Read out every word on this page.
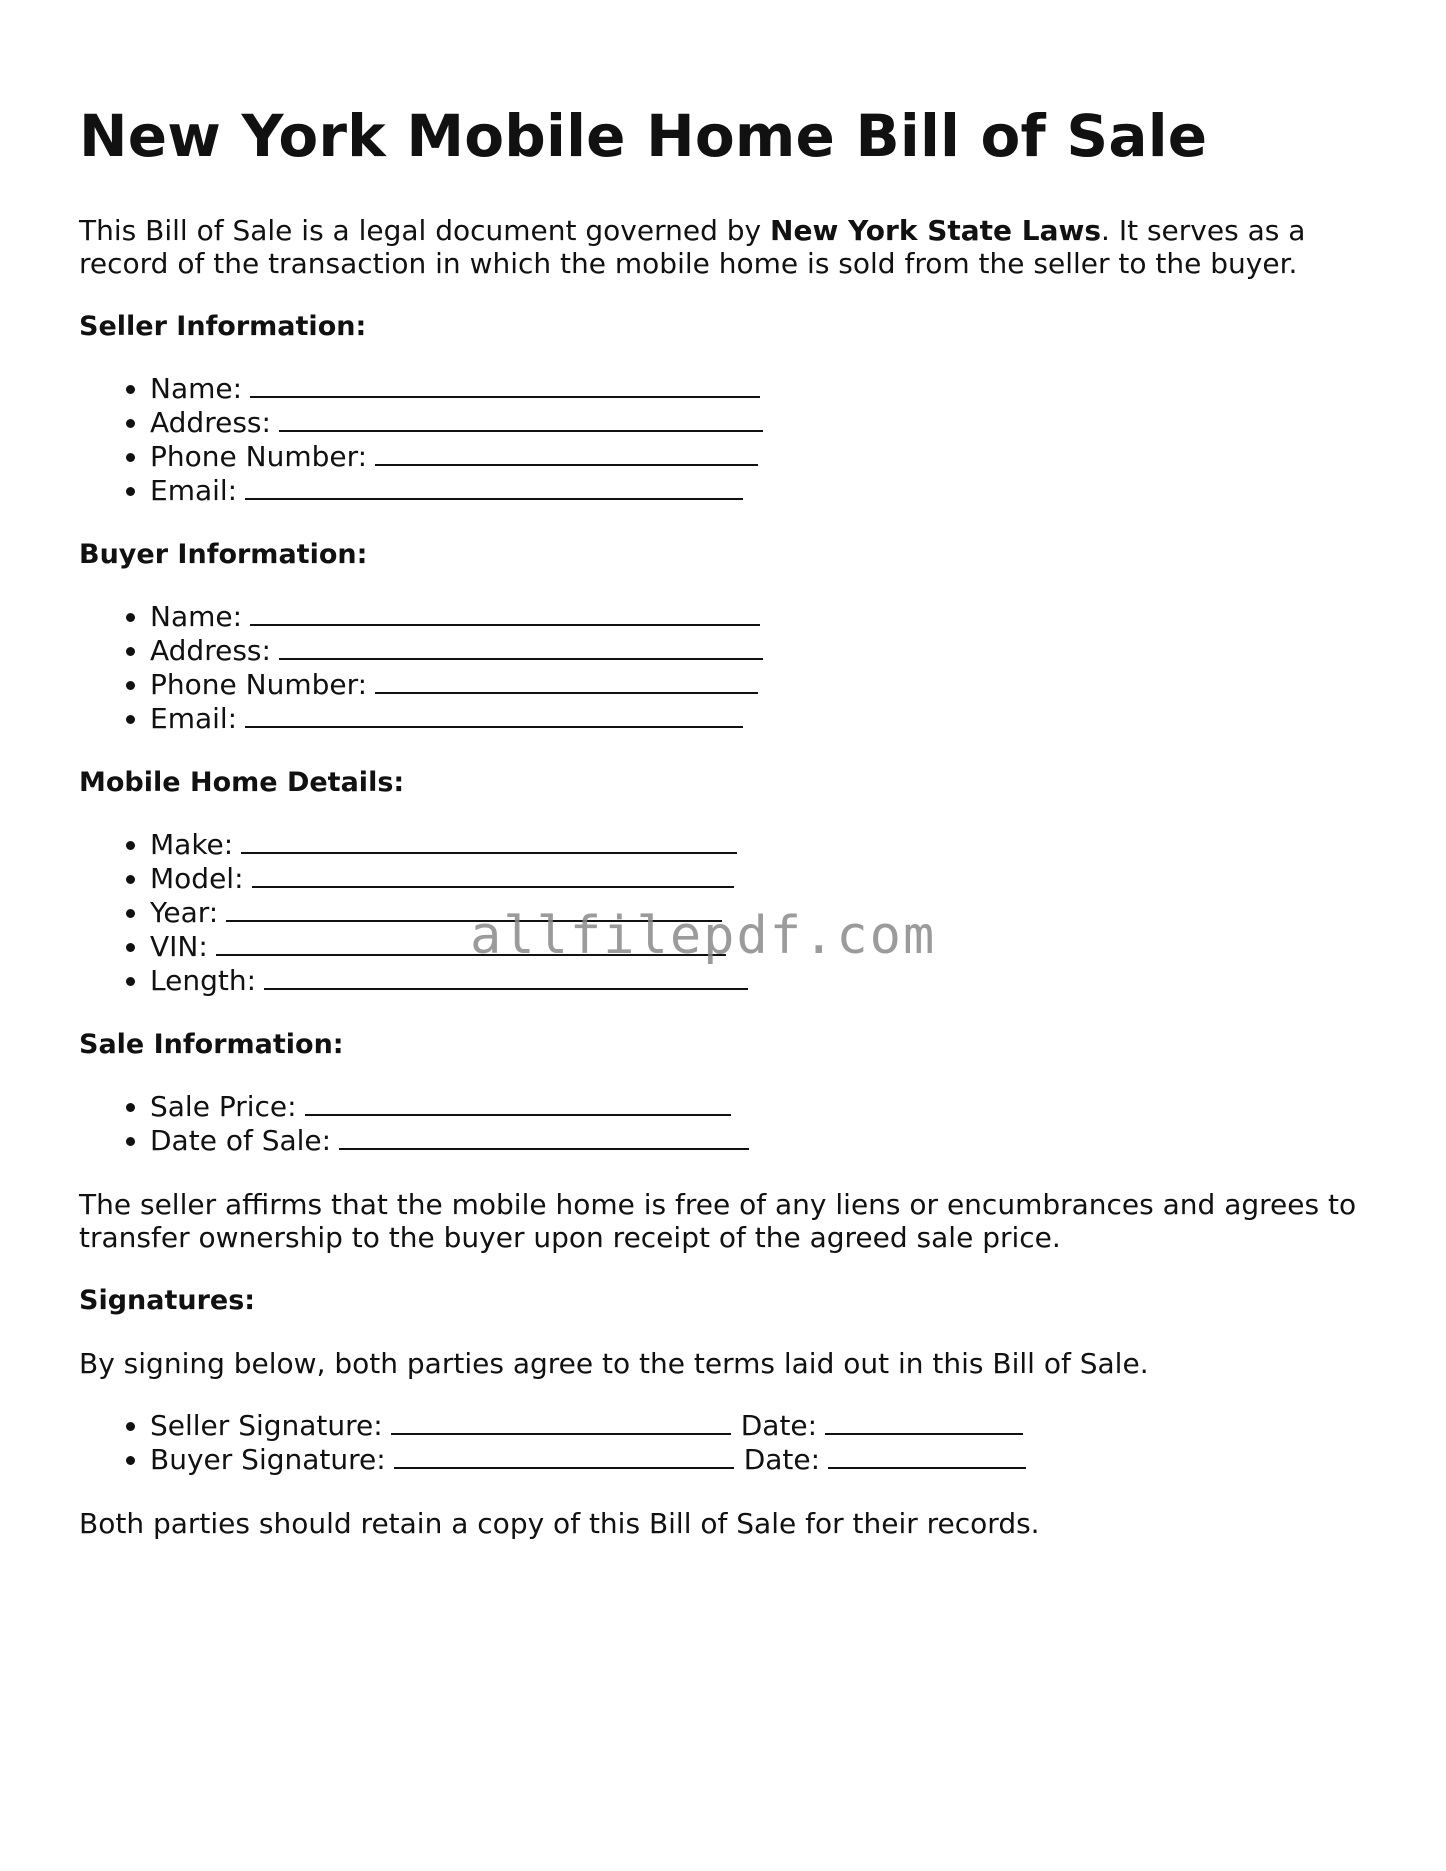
New York Mobile Home Bill of Sale

This Bill of Sale is a legal document governed by New York State Laws. It serves as a record of the transaction in which the mobile home is sold from the seller to the buyer.

Seller Information:
• Name:
• Address:
• Phone Number:
• Email:
Buyer Information:
• Name:
• Address:
• Phone Number:
• Email:
Mobile Home Details:
• Make:
• Model:
• Year:
• VIN:
• Length:
Sale Information:
• Sale Price:
• Date of Sale:

The seller affirms that the mobile home is free of any liens or encumbrances and agrees to transfer ownership to the buyer upon receipt of the agreed sale price.

Signatures:

By signing below, both parties agree to the terms laid out in this Bill of Sale.

• Seller Signature:	Date:
• Buyer Signature:	Date:

Both parties should retain a copy of this Bill of Sale for their records.

allfilepdf.com
